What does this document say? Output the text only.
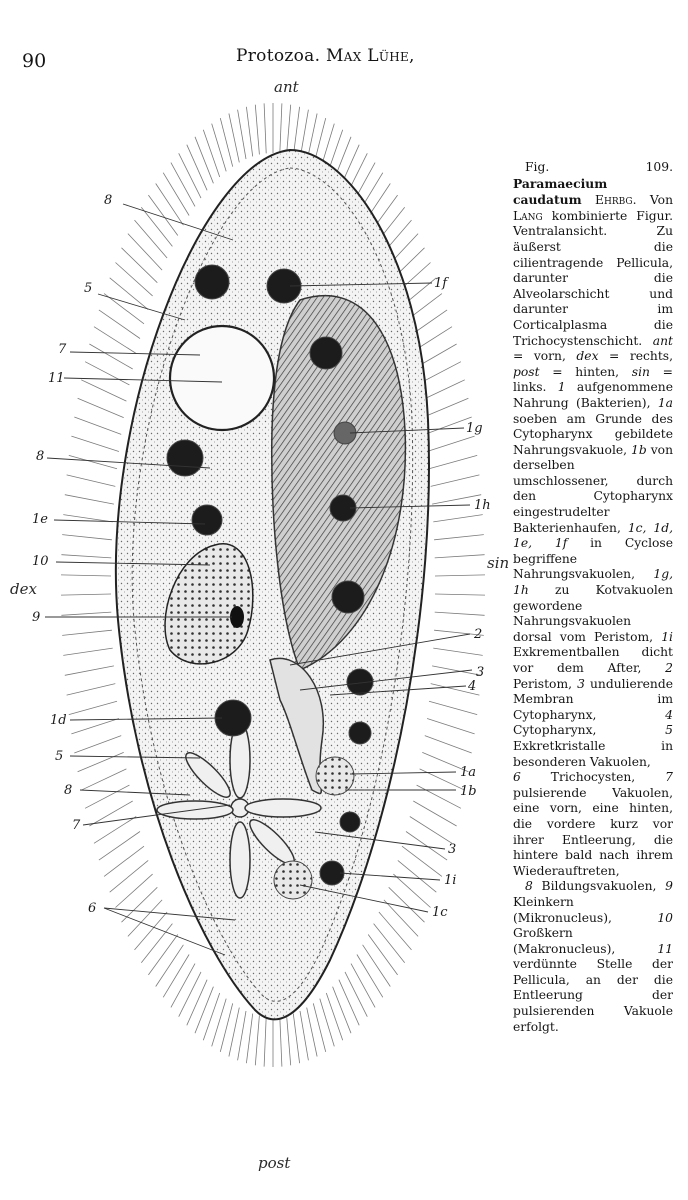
90	Protozoa. Max Lühe,
8
5
7
11
8
1e
10
9
1d
5
8
7
6
1f
1g
1h
2
3
4
1a
1b
3
1i
1c
ant
post
dex
sin
Fig. 109. Paramaecium caudatum Ehrbg. Von Lang kombinierte Figur. Ventralansicht. Zu äußerst die cilientragende Pellicula, darunter die Alveolarschicht und darunter im Corticalplasma die Trichocystenschicht. ant = vorn, dex = rechts, post = hinten, sin = links. 1 aufgenommene Nahrung (Bakterien), 1a soeben am Grunde des Cytopharynx gebildete Nahrungsvakuole, 1b von derselben umschlossener, durch den Cytopharynx eingestrudelter Bakterienhaufen, 1c, 1d, 1e, 1f in Cyclose begriffene Nahrungsvakuolen, 1g, 1h zu Kotvakuolen gewordene Nahrungsvakuolen dorsal vom Peristom, 1i Exkrementballen dicht vor dem After, 2 Peristom, 3 undulierende Membran im Cytopharynx, 4 Cytopharynx, 5 Exkretkristalle in besonderen Vakuolen,
6 Trichocysten, 7 pulsierende Vakuolen, eine vorn, eine hinten, die vordere kurz vor ihrer Entleerung, die hintere bald nach ihrem Wiederauftreten,
8 Bildungsvakuolen, 9 Kleinkern (Mikronucleus), 10 Großkern (Makronucleus), 11 verdünnte Stelle der Pellicula, an der die Entleerung der pulsierenden Vakuole erfolgt.
